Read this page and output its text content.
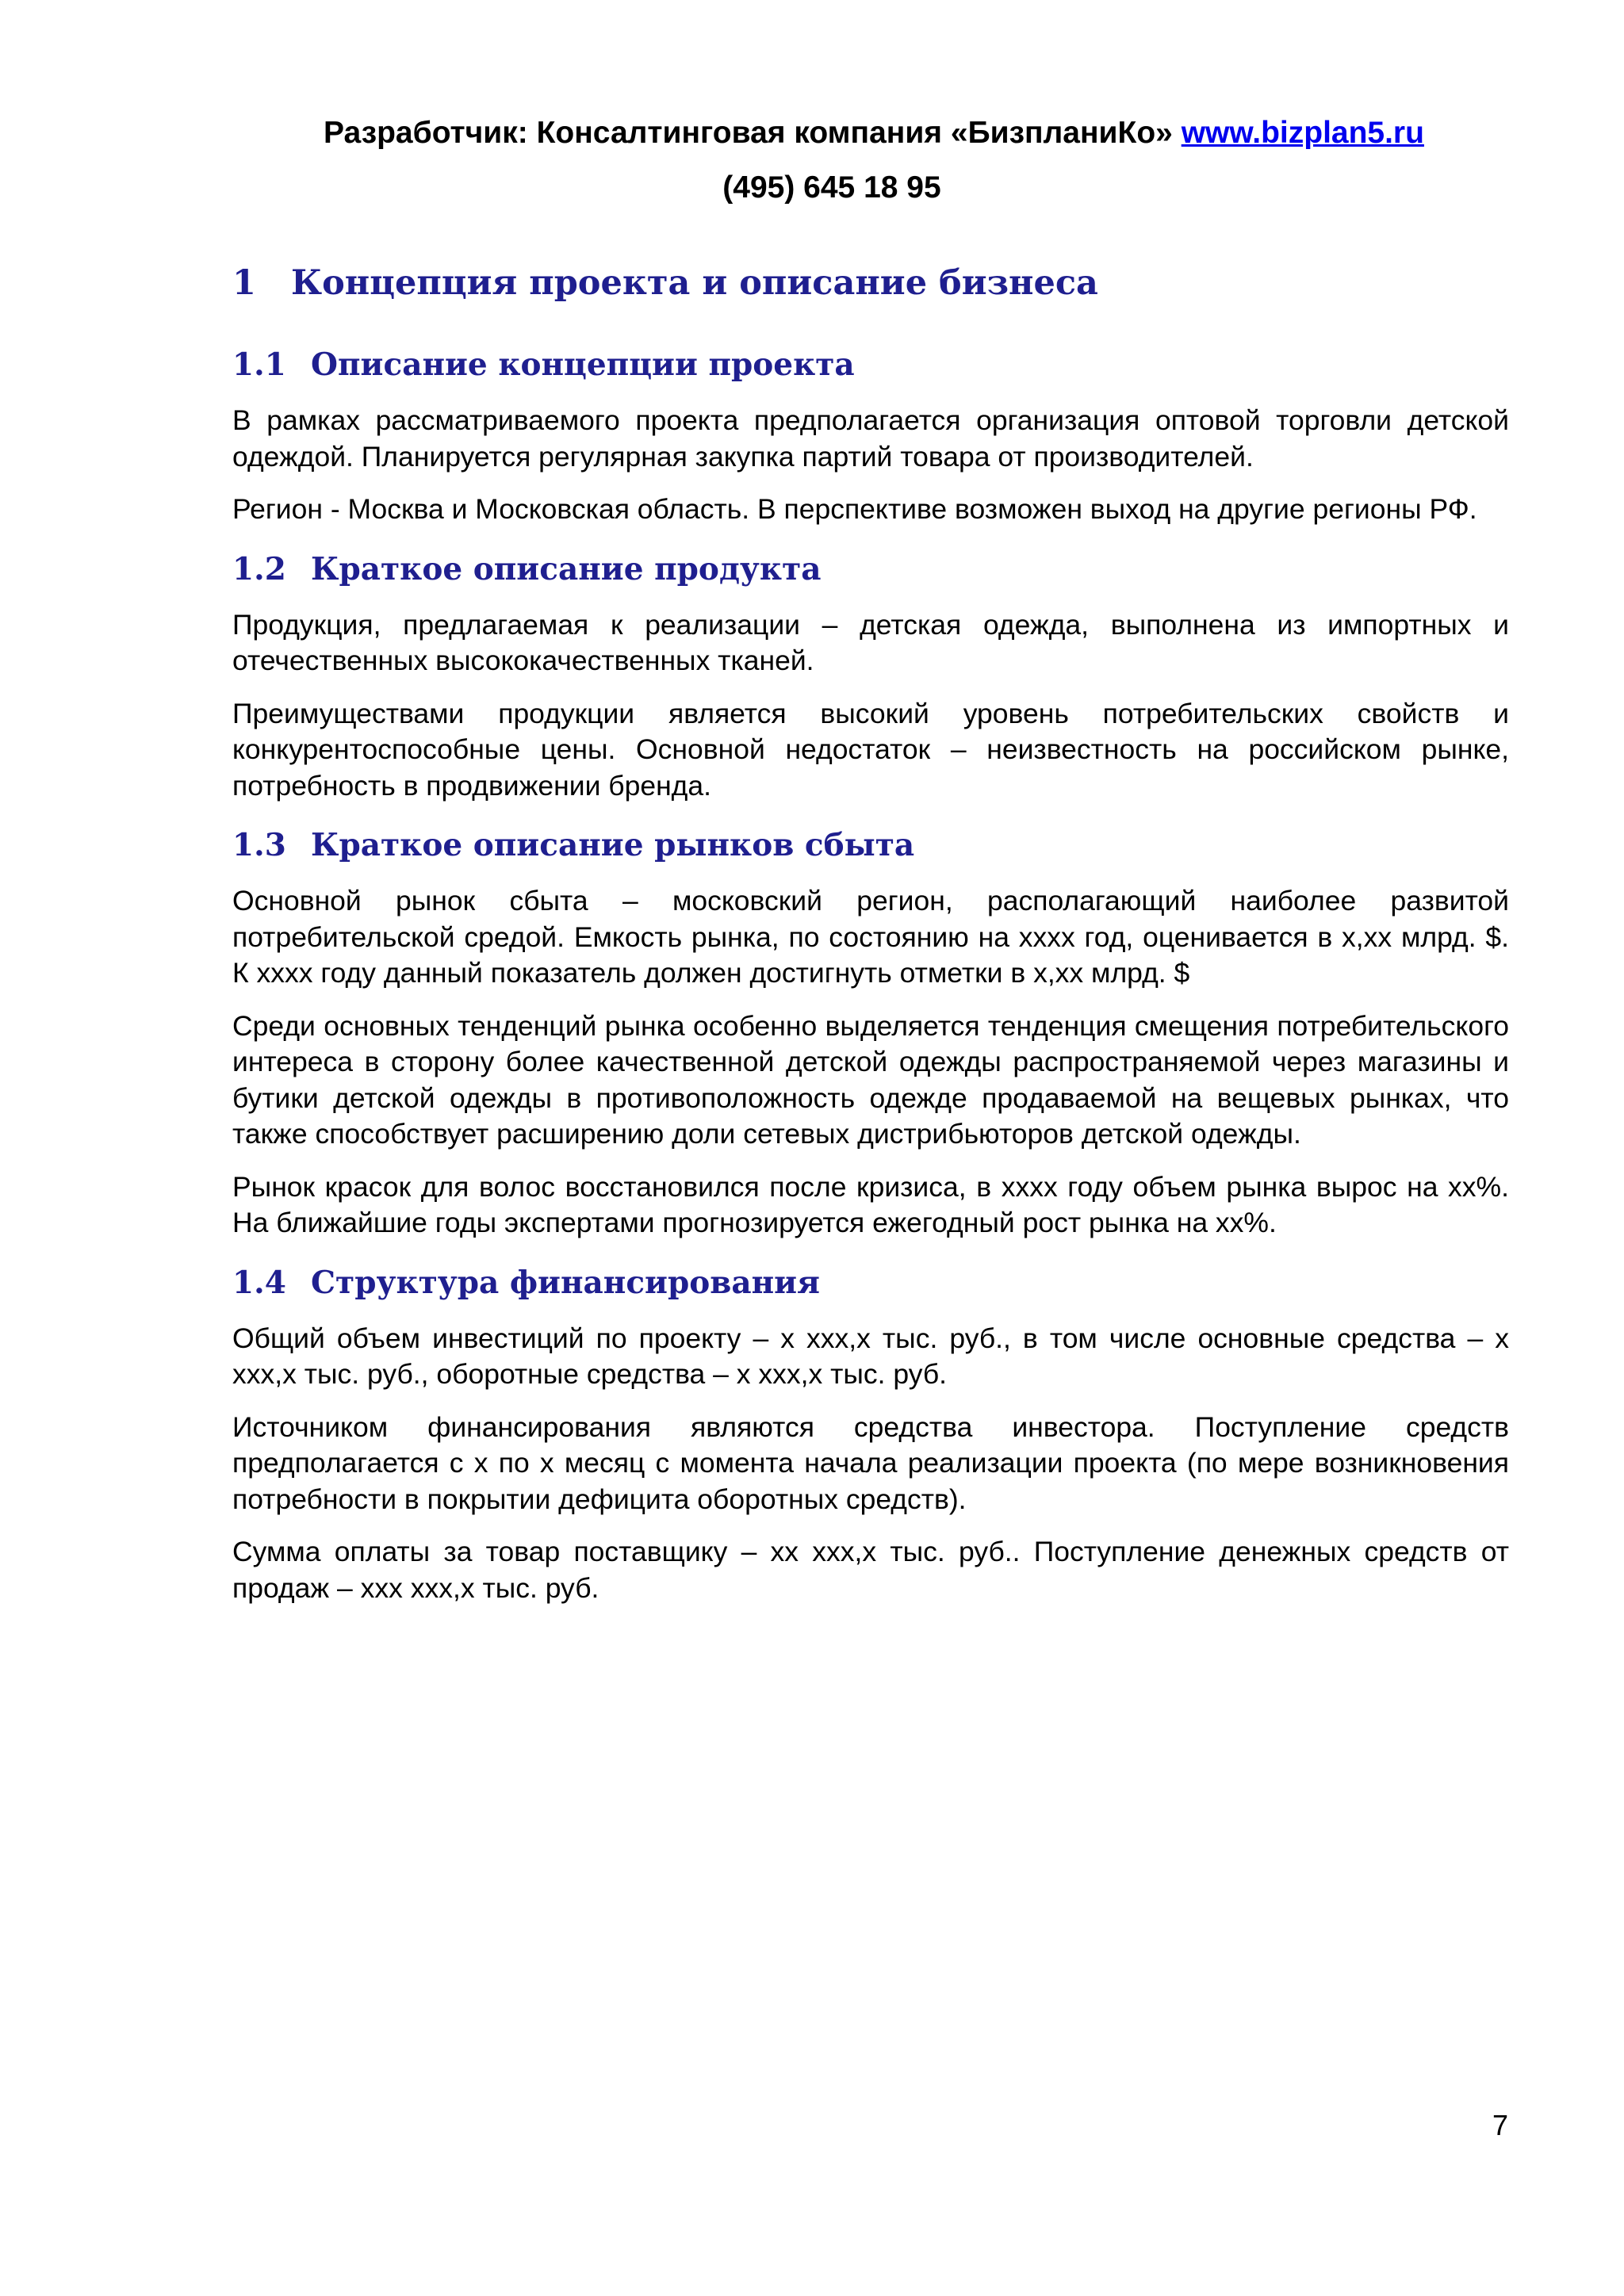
Разработчик: Консалтинговая компания «БизпланиКо» www.bizplan5.ru
(495) 645 18 95
1 Концепция проекта и описание бизнеса
1.1 Описание концепции проекта

В рамках рассматриваемого проекта предполагается организация оптовой торговли детской одеждой. Планируется регулярная закупка партий товара от производителей.

Регион - Москва и Московская область. В перспективе возможен выход на другие регионы РФ.

1.2 Краткое описание продукта

Продукция, предлагаемая к реализации – детская одежда, выполнена из импортных и отечественных высококачественных тканей.

Преимуществами продукции является высокий уровень потребительских свойств и конкурентоспособные цены. Основной недостаток – неизвестность на российском рынке, потребность в продвижении бренда.

1.3 Краткое описание рынков сбыта

Основной рынок сбыта – московский регион, располагающий наиболее развитой потребительской средой. Емкость рынка, по состоянию на хххх год, оценивается в х,хх млрд. $. К хххх году данный показатель должен достигнуть отметки в х,хх млрд. $

Среди основных тенденций рынка особенно выделяется тенденция смещения потребительского интереса в сторону более качественной детской одежды распространяемой через магазины и бутики детской одежды в противоположность одежде продаваемой на вещевых рынках, что также способствует расширению доли сетевых дистрибьюторов детской одежды.

Рынок красок для волос восстановился после кризиса, в хххх году объем рынка вырос на хх%. На ближайшие годы экспертами прогнозируется ежегодный рост рынка на хх%.

1.4 Структура финансирования

Общий объем инвестиций по проекту – х ххх,х тыс. руб., в том числе основные средства – х ххх,х тыс. руб., оборотные средства – х ххх,х тыс. руб.

Источником финансирования являются средства инвестора. Поступление средств предполагается с х по х месяц с момента начала реализации проекта (по мере возникновения потребности в покрытии дефицита оборотных средств).

Сумма оплаты за товар поставщику – хх ххх,х тыс. руб.. Поступление денежных средств от продаж – ххх ххх,х тыс. руб.

7
